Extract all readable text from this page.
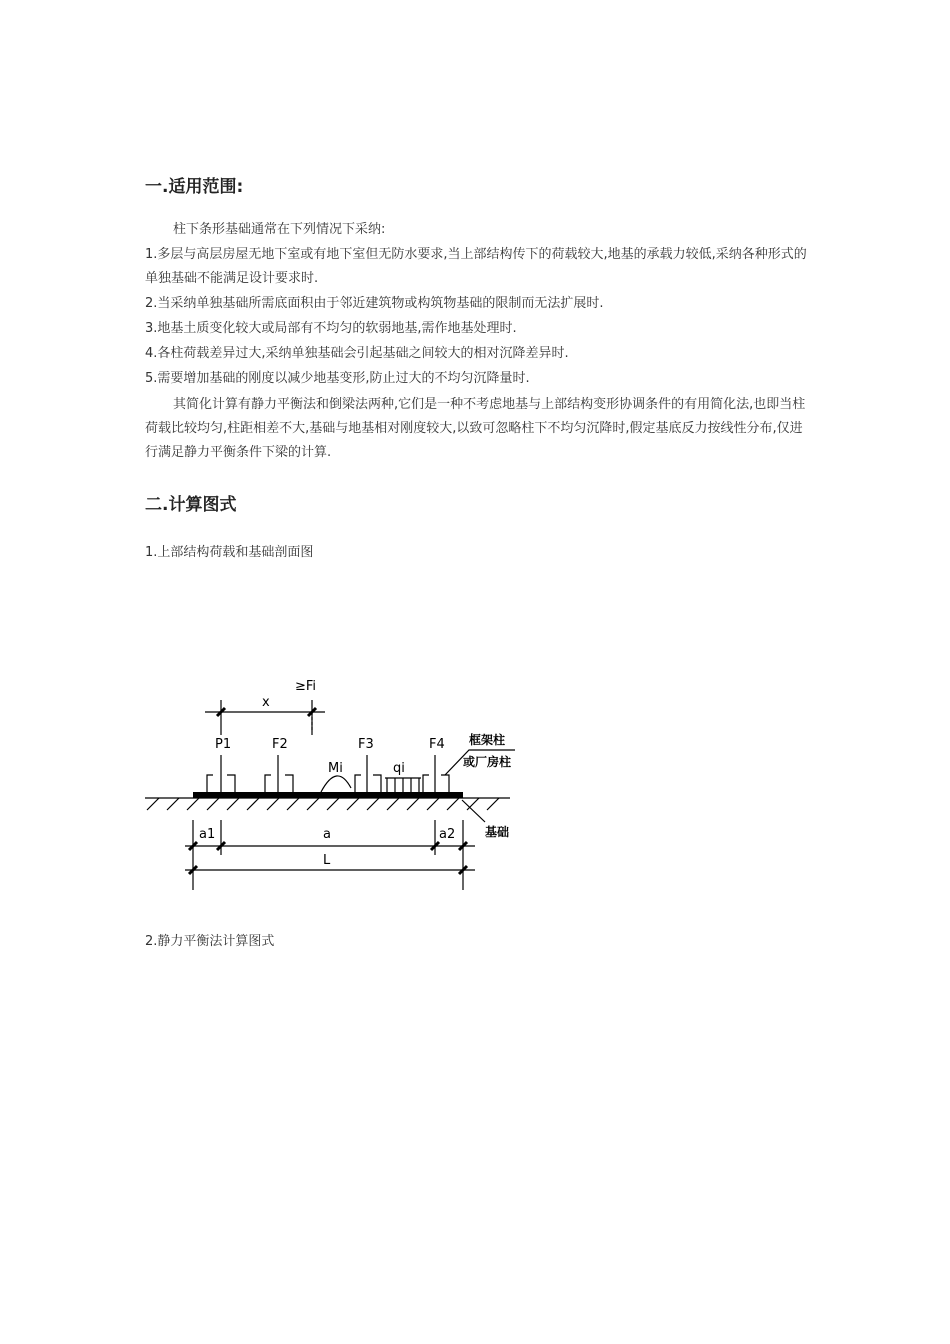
一.适用范围:

柱下条形基础通常在下列情况下采纳:

1.多层与高层房屋无地下室或有地下室但无防水要求,当上部结构传下的荷载较大,地基的承载力较低,采纳各种形式的单独基础不能满足设计要求时.

2.当采纳单独基础所需底面积由于邻近建筑物或构筑物基础的限制而无法扩展时.

3.地基土质变化较大或局部有不均匀的软弱地基,需作地基处理时.

4.各柱荷载差异过大,采纳单独基础会引起基础之间较大的相对沉降差异时.

5.需要增加基础的刚度以减少地基变形,防止过大的不均匀沉降量时.

其简化计算有静力平衡法和倒梁法两种,它们是一种不考虑地基与上部结构变形协调条件的有用简化法,也即当柱荷载比较均匀,柱距相差不大,基础与地基相对刚度较大,以致可忽略柱下不均匀沉降时,假定基底反力按线性分布,仅进行满足静力平衡条件下梁的计算.

二.计算图式

1.上部结构荷载和基础剖面图

2.静力平衡法计算图式

≥Fi
x
P1	F2	F3	F4
Mi	qi
框架柱
或厂房柱
基础
a1	a	a2
L
